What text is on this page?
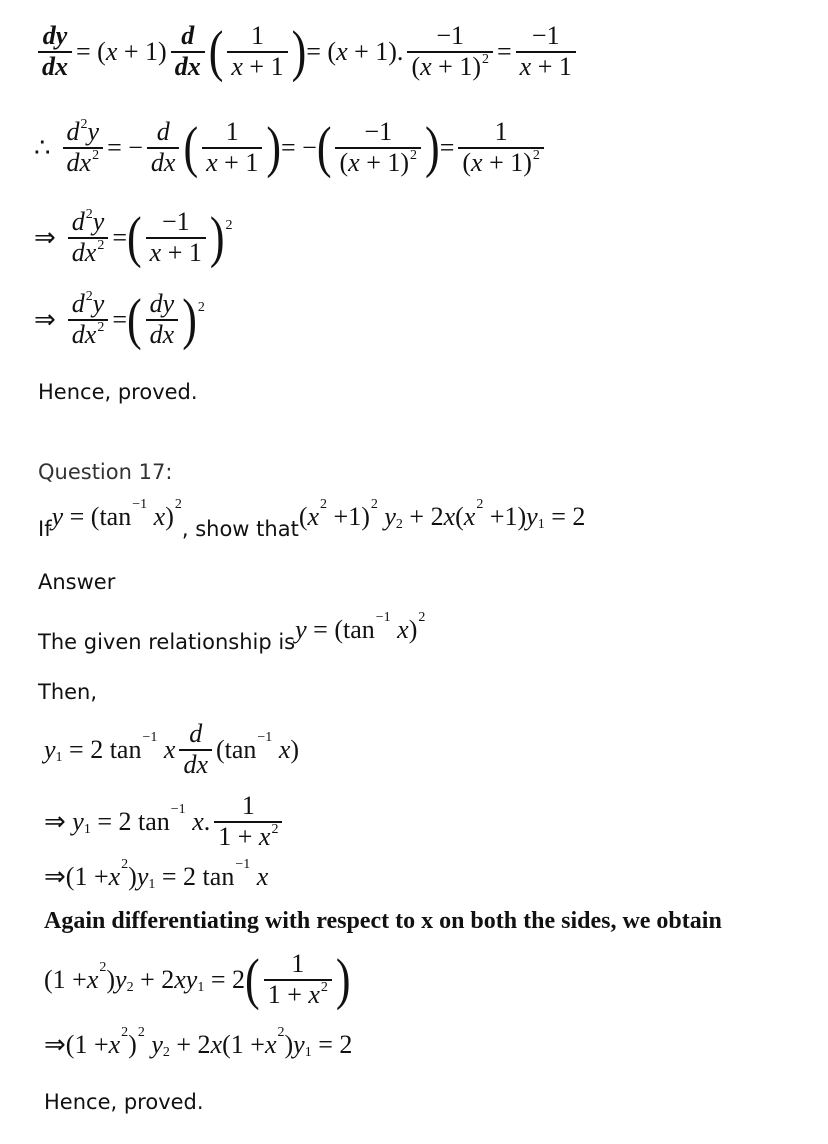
$\frac{dy}{dx} = (x + 1) \frac{d}{dx}$ ( $\frac{1}{x + 1}$ ) = (x + 1). $\frac{-1}{(x + 1)^2} = \frac{-1}{x + 1}$
∴ $\frac{d^2y}{dx^2}$ = − $\frac{d}{dx}$ ( $\frac{1}{x + 1}$ ) = − ( $\frac{-1}{(x + 1)^2}$ ) = $\frac{1}{(x + 1)^2}$
⇒ $\frac{d^2y}{dx^2}$ = ( $\frac{-1}{x + 1}$ ) 2
⇒ $\frac{d^2y}{dx^2}$ = ( $\frac{dy}{dx}$ ) 2
Hence, proved.
Question 17:
If y = (tan −1
x ) 2
, show that ( x 2 +1) 2
y 2 + 2 x ( x 2 +1) y 1 = 2
Answer
The given relationship is y = (tan −1
x ) 2
Then,
y 1 = 2 tan −1
x $\frac{d}{dx} (\tan -1$
x )
⇒
y 1 = 2 tan −1
x . $\frac{1}{1 + x^2}$
⇒ (1 + x 2 ) y 1 = 2 tan −1
x
Again differentiating with respect to x on both the sides, we obtain
(1 + x 2 ) y 2 + 2 xy 1 = 2 ( $\frac{1}{1 + x^2}$ )
⇒ (1 + x 2 ) 2
y 2 + 2 x (1 + x 2 ) y 1 = 2
Hence, proved.
